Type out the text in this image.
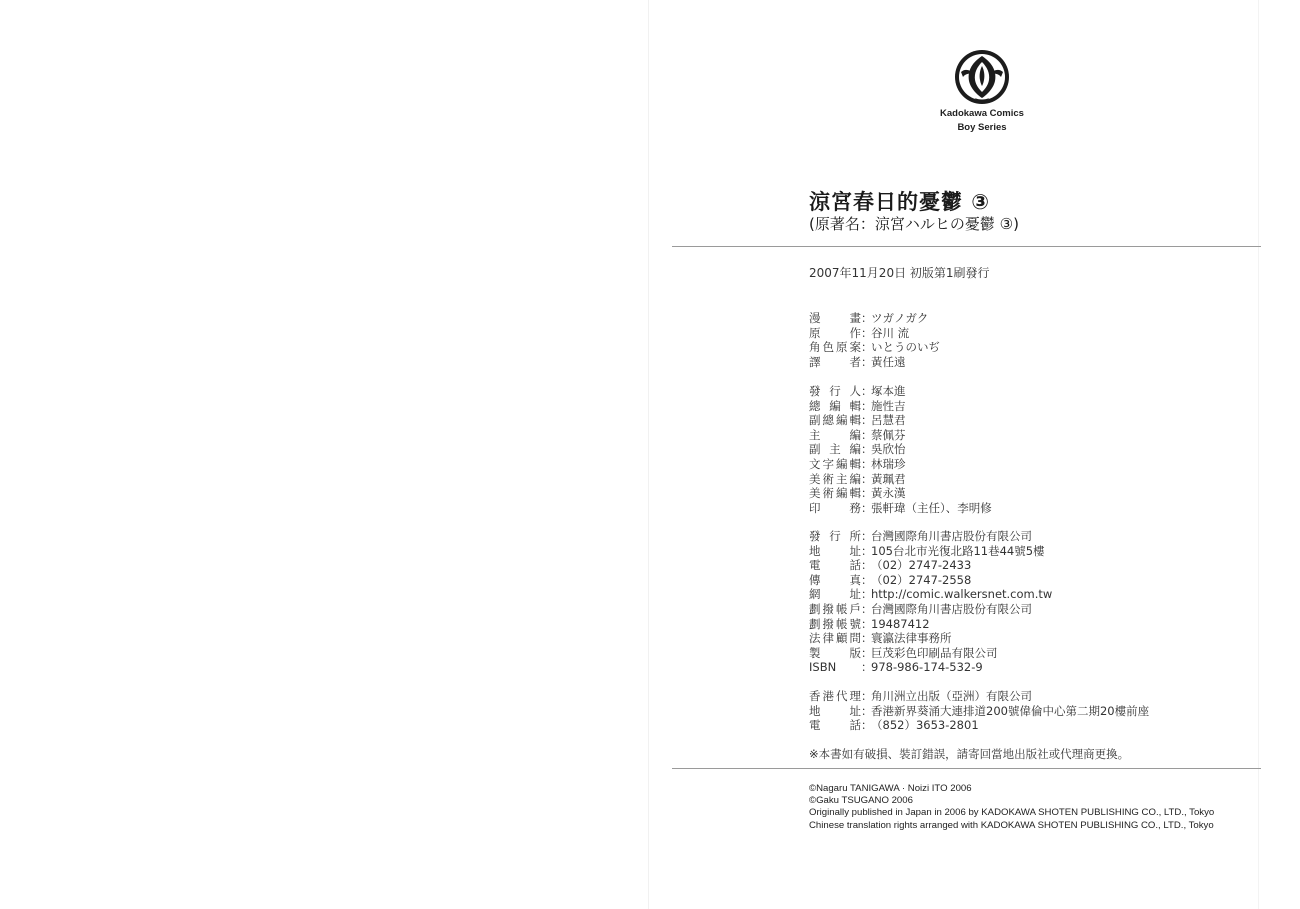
Kadokawa Comics
Boy Series
涼宮春日的憂鬱 ③
(原著名：涼宮ハルヒの憂鬱 ③)
2007年11月20日 初版第1刷發行
漫畫 ：
ツガノガク
原作 ：
谷川 流
角色原案 ：
いとうのいぢ
譯者 ：
黃任遠
發行人 ：
塚本進
總編輯 ：
施性吉
副總編輯 ：
呂慧君
主編 ：
蔡佩芬
副主編 ：
吳欣怡
文字編輯 ：
林瑞珍
美術主編 ：
黃珮君
美術編輯 ：
黃永漢
印務 ：
張軒瑋（主任）、李明修
發行所 ：
台灣國際角川書店股份有限公司
地址 ：
105台北市光復北路11巷44號5樓
電話 ：
（02）2747-2433
傳真 ：
（02）2747-2558
網址 ：
http://comic.walkersnet.com.tw
劃撥帳戶 ：
台灣國際角川書店股份有限公司
劃撥帳號 ：
19487412
法律顧問 ：
寰瀛法律事務所
製版 ：
巨茂彩色印刷品有限公司
ISBN	：
978-986-174-532-9
香港代理 ：
角川洲立出版（亞洲）有限公司
地址 ：
香港新界葵涌大連排道200號偉倫中心第二期20樓前座
電話 ：
（852）3653-2801
※本書如有破損、裝訂錯誤，請寄回當地出版社或代理商更換。
©Nagaru TANIGAWA · Noizi ITO 2006
©Gaku TSUGANO 2006
Originally published in Japan in 2006 by KADOKAWA SHOTEN PUBLISHING CO., LTD., Tokyo
Chinese translation rights arranged with KADOKAWA SHOTEN PUBLISHING CO., LTD., Tokyo
